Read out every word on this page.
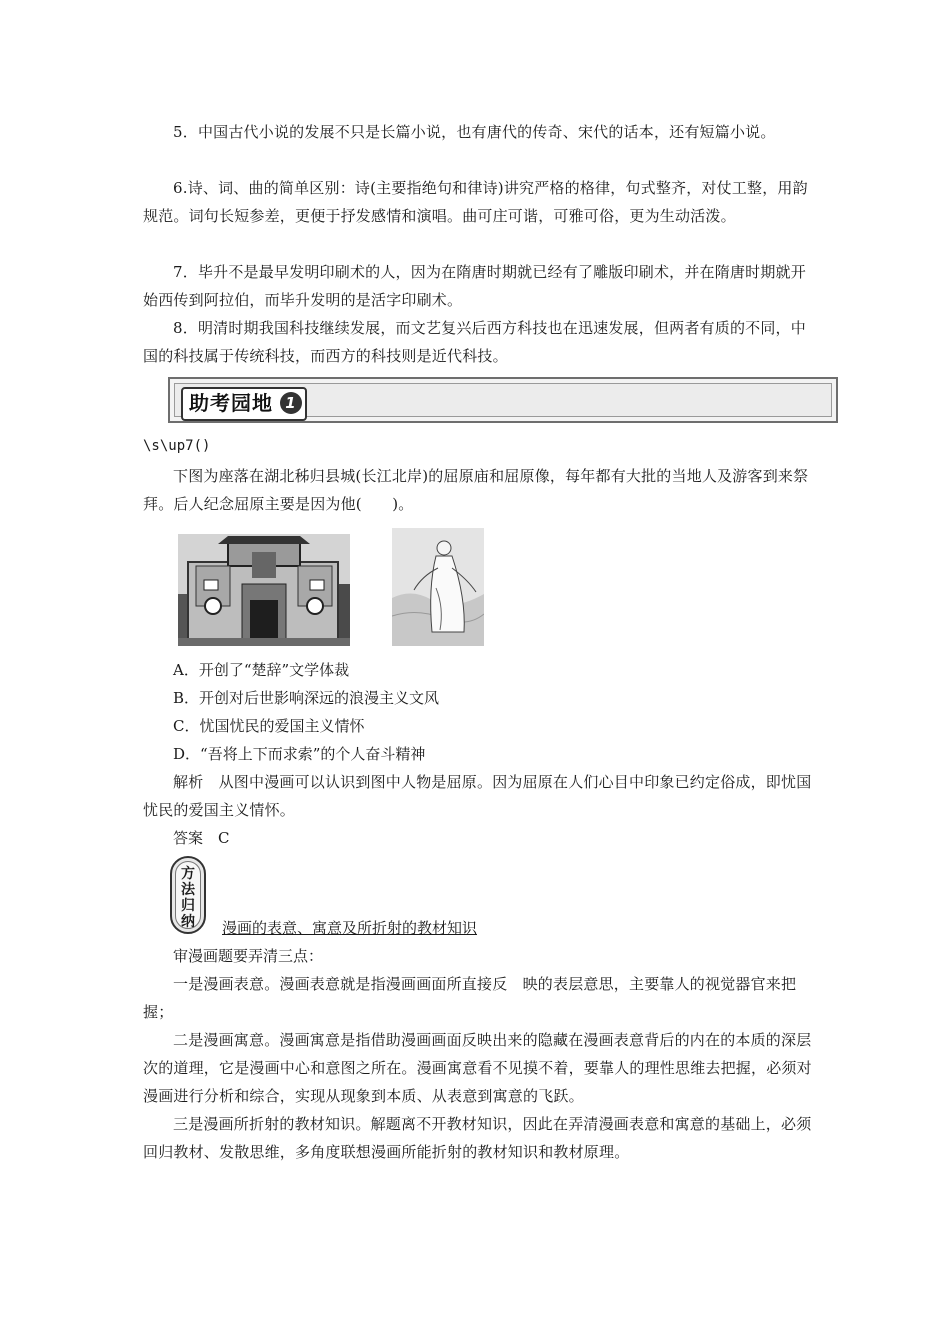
5．中国古代小说的发展不只是长篇小说，也有唐代的传奇、宋代的话本，还有短篇小说。

6.诗、词、曲的简单区别：诗(主要指绝句和律诗)讲究严格的格律，句式整齐，对仗工整，用韵规范。词句长短参差，更便于抒发感情和演唱。曲可庄可谐，可雅可俗，更为生动活泼。

7．毕升不是最早发明印刷术的人，因为在隋唐时期就已经有了雕版印刷术，并在隋唐时期就开始西传到阿拉伯，而毕升发明的是活字印刷术。

8．明清时期我国科技继续发展，而文艺复兴后西方科技也在迅速发展，但两者有质的不同，中国的科技属于传统科技，而西方的科技则是近代科技。

助考园地 1
\s\up7()

下图为座落在湖北秭归县城(长江北岸)的屈原庙和屈原像，每年都有大批的当地人及游客到来祭拜。后人纪念屈原主要是因为他(　　)。

A．开创了“楚辞”文学体裁

B．开创对后世影响深远的浪漫主义文风

C．忧国忧民的爱国主义情怀

D．“吾将上下而求索”的个人奋斗精神

解析　从图中漫画可以认识到图中人物是屈原。因为屈原在人们心目中印象已约定俗成，即忧国忧民的爱国主义情怀。

答案　C

方法归纳	漫画的表意、寓意及所折射的教材知识

审漫画题要弄清三点：

一是漫画表意。漫画表意就是指漫画画面所直接反　映的表层意思，主要靠人的视觉器官来把握；

二是漫画寓意。漫画寓意是指借助漫画画面反映出来的隐藏在漫画表意背后的内在的本质的深层次的道理，它是漫画中心和意图之所在。漫画寓意看不见摸不着，要靠人的理性思维去把握，必须对漫画进行分析和综合，实现从现象到本质、从表意到寓意的飞跃。

三是漫画所折射的教材知识。解题离不开教材知识，因此在弄清漫画表意和寓意的基础上，必须回归教材、发散思维，多角度联想漫画所能折射的教材知识和教材原理。
